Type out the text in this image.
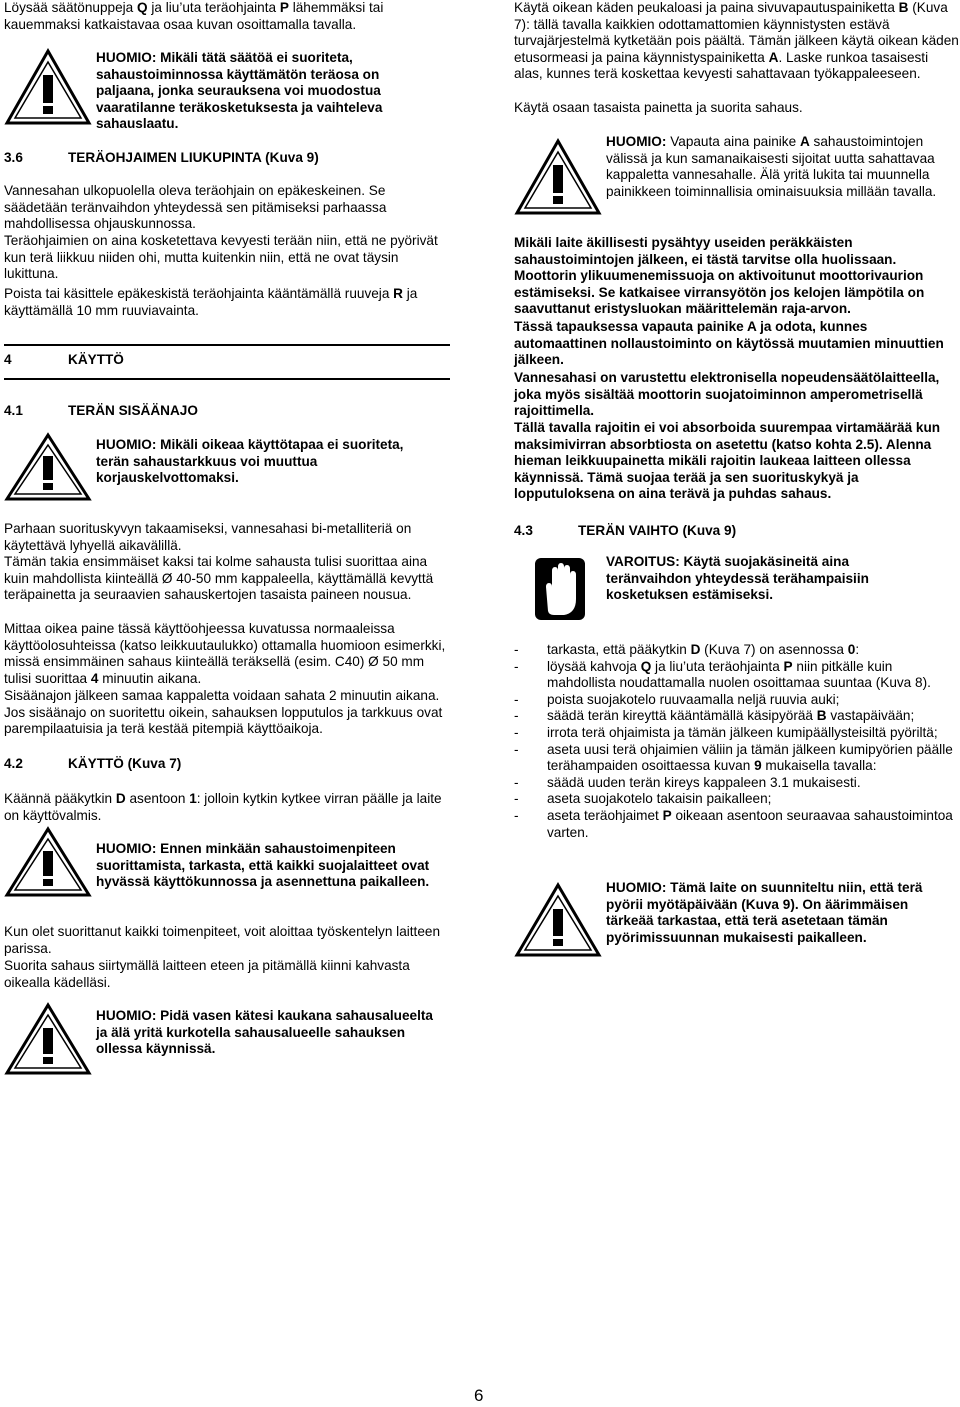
Löysää säätönuppeja Q ja liu’uta teräohjainta P lähemmäksi tai kauemmaksi katkaistavaa osaa kuvan osoittamalla tavalla.

HUOMIO: Mikäli tätä säätöä ei suoriteta, sahaustoiminnossa käyttämätön teräosa on paljaana, jonka seurauksena voi muodostua vaaratilanne teräkosketuksesta ja vaihteleva sahauslaatu.

3.6	TERÄOHJAIMEN LIUKUPINTA (Kuva 9)

Vannesahan ulkopuolella oleva teräohjain on epäkeskeinen. Se säädetään teränvaihdon yhteydessä sen pitämiseksi parhaassa mahdollisessa ohjauskunnossa.

Teräohjaimien on aina kosketettava kevyesti terään niin, että ne pyörivät kun terä liikkuu niiden ohi, mutta kuitenkin niin, että ne ovat täysin lukittuna.

Poista tai käsittele epäkeskistä teräohjainta kääntämällä ruuveja R ja käyttämällä 10 mm ruuviavainta.

4	KÄYTTÖ
4.1	TERÄN SISÄÄNAJO

HUOMIO: Mikäli oikeaa käyttötapaa ei suoriteta, terän sahaustarkkuus voi muuttua korjauskelvottomaksi.

Parhaan suorituskyvyn takaamiseksi, vannesahasi bi-metalliteriä on käytettävä lyhyellä aikavälillä.

Tämän takia ensimmäiset kaksi tai kolme sahausta tulisi suorittaa aina kuin mahdollista kiinteällä Ø 40-50 mm kappaleella, käyttämällä kevyttä teräpainetta ja seuraavien sahauskertojen tasaista paineen nousua.

Mittaa oikea paine tässä käyttöohjeessa kuvatussa normaaleissa käyttöolosuhteissa (katso leikkuutaulukko) ottamalla huomioon esimerkki, missä ensimmäinen sahaus kiinteällä teräksellä (esim. C40) Ø 50 mm tulisi suorittaa 4 minuutin aikana.

Sisäänajon jälkeen samaa kappaletta voidaan sahata 2 minuutin aikana. Jos sisäänajo on suoritettu oikein, sahauksen lopputulos ja tarkkuus ovat parempilaatuisia ja terä kestää pitempiä käyttöaikoja.

4.2	KÄYTTÖ (Kuva 7)

Käännä pääkytkin D asentoon 1: jolloin kytkin kytkee virran päälle ja laite on käyttövalmis.

HUOMIO: Ennen minkään sahaustoimenpiteen suorittamista, tarkasta, että kaikki suojalaitteet ovat hyvässä käyttökunnossa ja asennettuna paikalleen.

Kun olet suorittanut kaikki toimenpiteet, voit aloittaa työskentelyn laitteen parissa.

Suorita sahaus siirtymällä laitteen eteen ja pitämällä kiinni kahvasta oikealla kädelläsi.

HUOMIO: Pidä vasen kätesi kaukana sahausalueelta ja älä yritä kurkotella sahausalueelle sahauksen ollessa käynnissä.

Käytä oikean käden peukaloasi ja paina sivuvapautuspainiketta B (Kuva 7): tällä tavalla kaikkien odottamattomien käynnistysten estävä turvajärjestelmä kytketään pois päältä. Tämän jälkeen käytä oikean käden etusormeasi ja paina käynnistyspainiketta A. Laske runkoa tasaisesti alas, kunnes terä koskettaa kevyesti sahattavaan työkappaleeseen.

Käytä osaan tasaista painetta ja suorita sahaus.

HUOMIO: Vapauta aina painike A sahaustoimintojen välissä ja kun samanaikaisesti sijoitat uutta sahattavaa kappaletta vannesahalle. Älä yritä lukita tai muunnella painikkeen toiminnallisia ominaisuuksia millään tavalla.

Mikäli laite äkillisesti pysähtyy useiden peräkkäisten sahaustoimintojen jälkeen, ei tästä tarvitse olla huolissaan.

Moottorin ylikuumenemissuoja on aktivoitunut moottorivaurion estämiseksi. Se katkaisee virransyötön jos kelojen lämpötila on saavuttanut eristysluokan määrittelemän raja-arvon.

Tässä tapauksessa vapauta painike A ja odota, kunnes automaattinen nollaustoiminto on käytössä muutamien minuuttien jälkeen.

Vannesahasi on varustettu elektronisella nopeudensäätölaitteella, joka myös sisältää moottorin suojatoiminnon amperometrisellä rajoittimella.

Tällä tavalla rajoitin ei voi absorboida suurempaa virtamäärää kun maksimivirran absorbtiosta on asetettu (katso kohta 2.5). Alenna hieman leikkuupainetta mikäli rajoitin laukeaa laitteen ollessa käynnissä. Tämä suojaa terää ja sen suorituskykyä ja lopputuloksena on aina terävä ja puhdas sahaus.

4.3	TERÄN VAIHTO (Kuva 9)

VAROITUS: Käytä suojakäsineitä aina teränvaihdon yhteydessä terähampaisiin kosketuksen estämiseksi.

- tarkasta, että pääkytkin D (Kuva 7) on asennossa 0:
- löysää kahvoja Q ja liu’uta teräohjainta P niin pitkälle kuin mahdollista noudattamalla nuolen osoittamaa suuntaa (Kuva 8).
- poista suojakotelo ruuvaamalla neljä ruuvia auki;
- säädä terän kireyttä kääntämällä käsipyörää B vastapäivään;
- irrota terä ohjaimista ja tämän jälkeen kumipäällysteisiltä pyöriltä;
- aseta uusi terä ohjaimien väliin ja tämän jälkeen kumipyörien päälle terähampaiden osoittaessa kuvan 9 mukaisella tavalla:
- säädä uuden terän kireys kappaleen 3.1 mukaisesti.
- aseta suojakotelo takaisin paikalleen;
- aseta teräohjaimet P oikeaan asentoon seuraavaa sahaustoimintoa varten.

HUOMIO: Tämä laite on suunniteltu niin, että terä pyörii myötäpäivään (Kuva 9). On äärimmäisen tärkeää tarkastaa, että terä asetetaan tämän pyörimissuunnan mukaisesti paikalleen.

6
